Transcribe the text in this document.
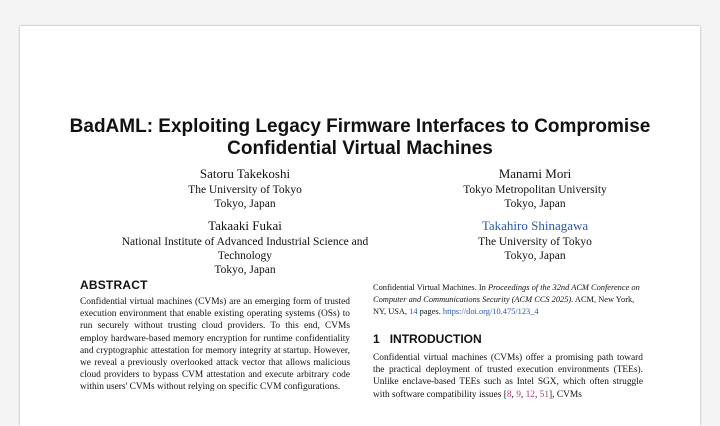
BadAML: Exploiting Legacy Firmware Interfaces to Compromise
Confidential Virtual Machines
Satoru Takekoshi
The University of Tokyo
Tokyo, Japan
Manami Mori
Tokyo Metropolitan University
Tokyo, Japan
Takaaki Fukai
National Institute of Advanced Industrial Science and
Technology
Tokyo, Japan
Takahiro Shinagawa
The University of Tokyo
Tokyo, Japan
ABSTRACT
Confidential virtual machines (CVMs) are an emerging form of trusted execution environment that enable existing operating systems (OSs) to run securely without trusting cloud providers. To this end, CVMs employ hardware-based memory encryption for runtime confidentiality and cryptographic attestation for memory integrity at startup. However, we reveal a previously overlooked attack vector that allows malicious cloud providers to bypass CVM attestation and execute arbitrary code within users' CVMs without relying on specific CVM configurations.
Confidential Virtual Machines. In Proceedings of the 32nd ACM Conference on Computer and Communications Security (ACM CCS 2025). ACM, New York, NY, USA, 14 pages. https://doi.org/10.475/123_4
1 INTRODUCTION
Confidential virtual machines (CVMs) offer a promising path toward the practical deployment of trusted execution environments (TEEs). Unlike enclave-based TEEs such as Intel SGX, which often struggle with software compatibility issues [8, 9, 12, 51], CVMs
